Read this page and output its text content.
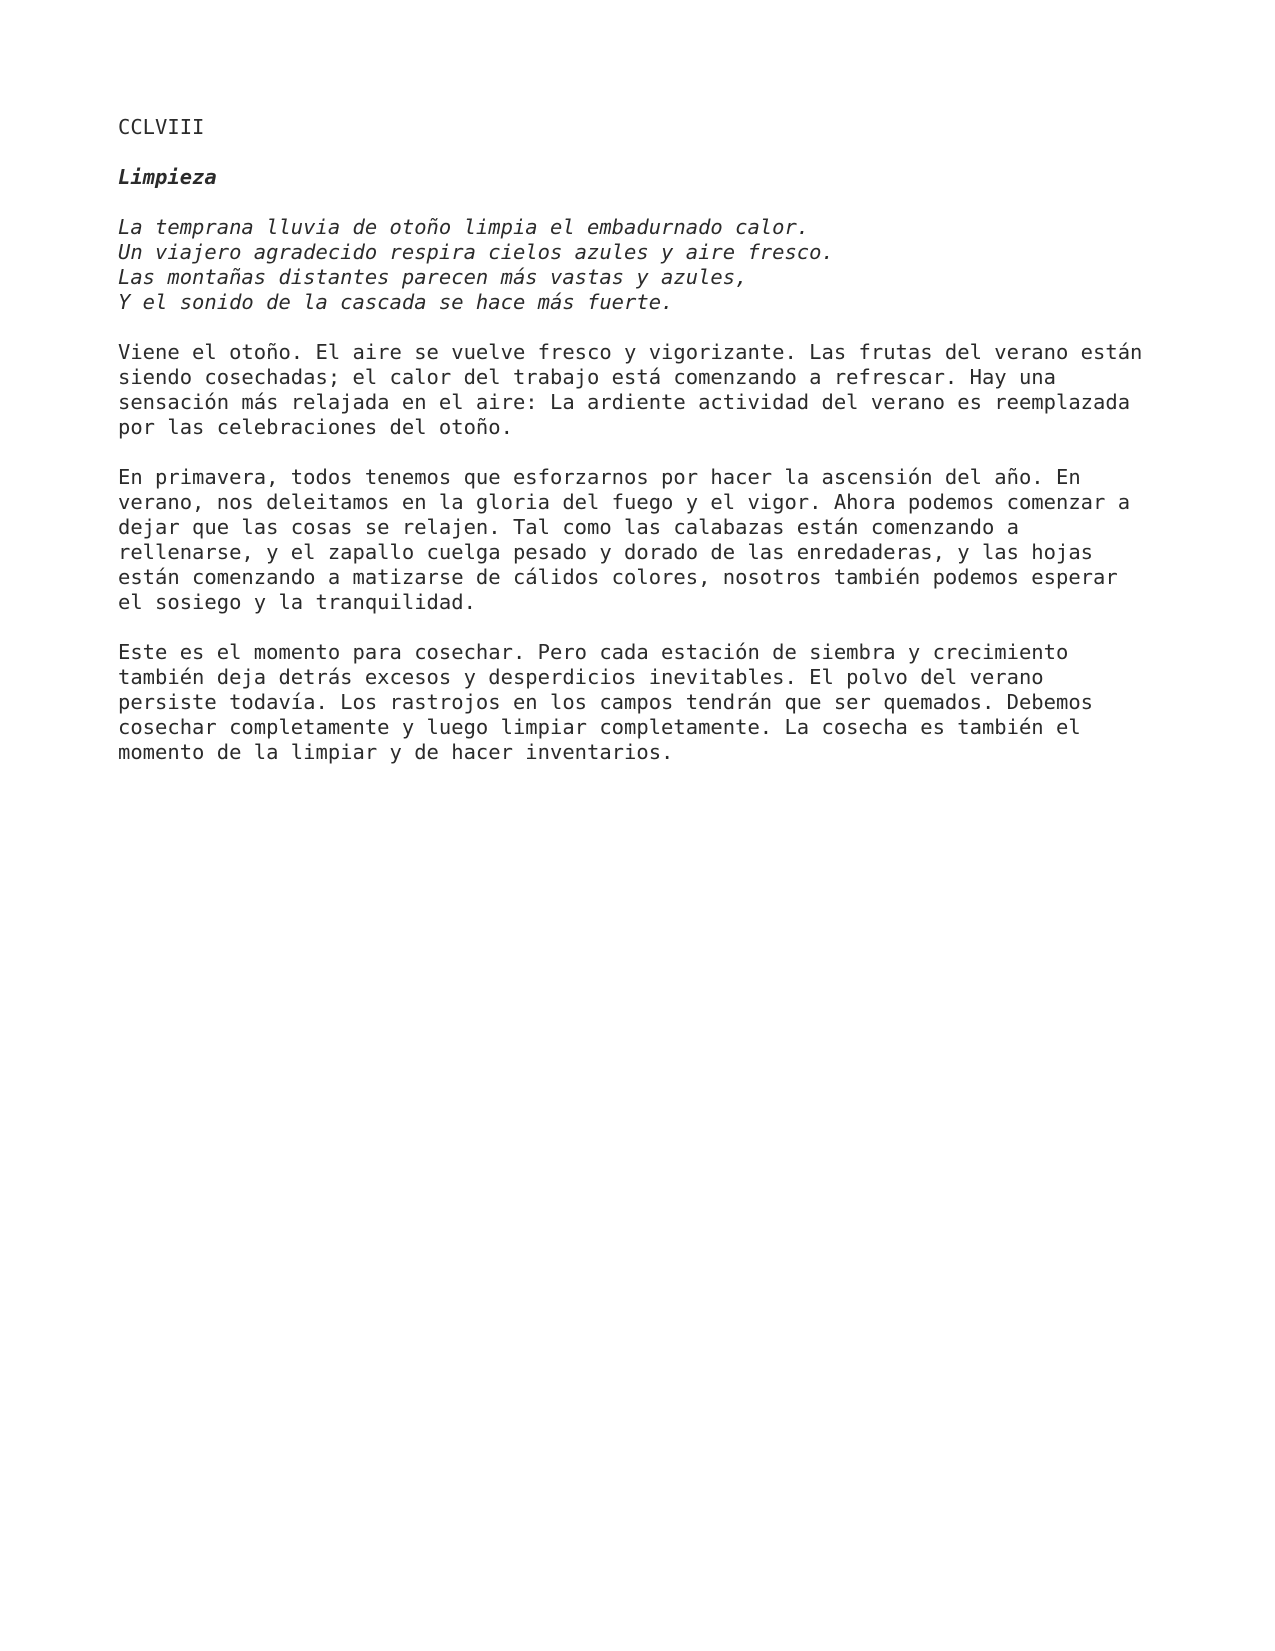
CCLVIII
Limpieza
La temprana lluvia de otoño limpia el embadurnado calor.
Un viajero agradecido respira cielos azules y aire fresco.
Las montañas distantes parecen más vastas y azules,
Y el sonido de la cascada se hace más fuerte.
Viene el otoño. El aire se vuelve fresco y vigorizante. Las frutas del verano están
siendo cosechadas; el calor del trabajo está comenzando a refrescar. Hay una
sensación más relajada en el aire: La ardiente actividad del verano es reemplazada
por las celebraciones del otoño.
En primavera, todos tenemos que esforzarnos por hacer la ascensión del año. En
verano, nos deleitamos en la gloria del fuego y el vigor. Ahora podemos comenzar a
dejar que las cosas se relajen. Tal como las calabazas están comenzando a
rellenarse, y el zapallo cuelga pesado y dorado de las enredaderas, y las hojas
están comenzando a matizarse de cálidos colores, nosotros también podemos esperar
el sosiego y la tranquilidad.
Este es el momento para cosechar. Pero cada estación de siembra y crecimiento
también deja detrás excesos y desperdicios inevitables. El polvo del verano
persiste todavía. Los rastrojos en los campos tendrán que ser quemados. Debemos
cosechar completamente y luego limpiar completamente. La cosecha es también el
momento de la limpiar y de hacer inventarios.
